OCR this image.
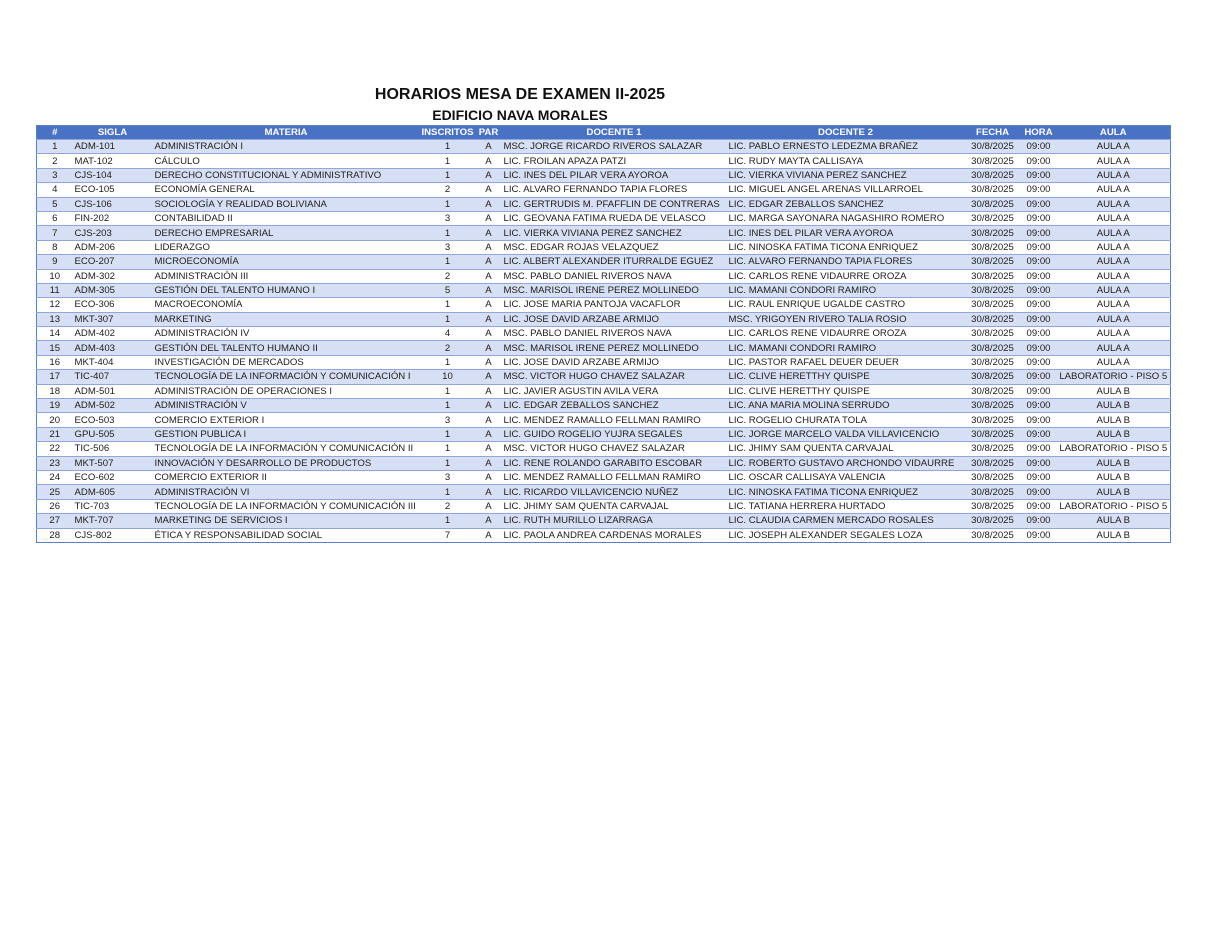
HORARIOS MESA DE EXAMEN II-2025
EDIFICIO NAVA MORALES
#	SIGLA	MATERIA	INSCRITOS	PAR	DOCENTE 1	DOCENTE 2	FECHA	HORA	AULA
1	ADM-101	ADMINISTRACIÓN I	1	A	MSC. JORGE RICARDO RIVEROS SALAZAR	LIC. PABLO ERNESTO LEDEZMA BRAÑEZ	30/8/2025	09:00	AULA A
2	MAT-102	CÁLCULO	1	A	LIC. FROILAN APAZA PATZI	LIC. RUDY MAYTA CALLISAYA	30/8/2025	09:00	AULA A
3	CJS-104	DERECHO CONSTITUCIONAL Y ADMINISTRATIVO	1	A	LIC. INES DEL PILAR VERA AYOROA	LIC. VIERKA VIVIANA PEREZ SANCHEZ	30/8/2025	09:00	AULA A
4	ECO-105	ECONOMÍA GENERAL	2	A	LIC. ALVARO FERNANDO TAPIA FLORES	LIC. MIGUEL ANGEL ARENAS VILLARROEL	30/8/2025	09:00	AULA A
5	CJS-106	SOCIOLOGÍA Y REALIDAD BOLIVIANA	1	A	LIC. GERTRUDIS M. PFAFFLIN DE CONTRERAS	LIC. EDGAR ZEBALLOS SANCHEZ	30/8/2025	09:00	AULA A
6	FIN-202	CONTABILIDAD II	3	A	LIC. GEOVANA FATIMA RUEDA DE VELASCO	LIC. MARGA SAYONARA NAGASHIRO ROMERO	30/8/2025	09:00	AULA A
7	CJS-203	DERECHO EMPRESARIAL	1	A	LIC. VIERKA VIVIANA PEREZ SANCHEZ	LIC. INES DEL PILAR VERA AYOROA	30/8/2025	09:00	AULA A
8	ADM-206	LIDERAZGO	3	A	MSC. EDGAR ROJAS VELAZQUEZ	LIC. NINOSKA FATIMA TICONA ENRIQUEZ	30/8/2025	09:00	AULA A
9	ECO-207	MICROECONOMÍA	1	A	LIC. ALBERT ALEXANDER ITURRALDE EGUEZ	LIC. ALVARO FERNANDO TAPIA FLORES	30/8/2025	09:00	AULA A
10	ADM-302	ADMINISTRACIÓN III	2	A	MSC. PABLO DANIEL RIVEROS NAVA	LIC. CARLOS RENE VIDAURRE OROZA	30/8/2025	09:00	AULA A
11	ADM-305	GESTIÓN DEL TALENTO HUMANO I	5	A	MSC. MARISOL IRENE PEREZ MOLLINEDO	LIC. MAMANI CONDORI RAMIRO	30/8/2025	09:00	AULA A
12	ECO-306	MACROECONOMÍA	1	A	LIC. JOSE MARIA PANTOJA VACAFLOR	LIC. RAUL ENRIQUE UGALDE CASTRO	30/8/2025	09:00	AULA A
13	MKT-307	MARKETING	1	A	LIC. JOSE DAVID ARZABE ARMIJO	MSC. YRIGOYEN RIVERO TALIA ROSIO	30/8/2025	09:00	AULA A
14	ADM-402	ADMINISTRACIÓN IV	4	A	MSC. PABLO DANIEL RIVEROS NAVA	LIC. CARLOS RENE VIDAURRE OROZA	30/8/2025	09:00	AULA A
15	ADM-403	GESTIÓN DEL TALENTO HUMANO II	2	A	MSC. MARISOL IRENE PEREZ MOLLINEDO	LIC. MAMANI CONDORI RAMIRO	30/8/2025	09:00	AULA A
16	MKT-404	INVESTIGACIÓN DE MERCADOS	1	A	LIC. JOSE DAVID ARZABE ARMIJO	LIC. PASTOR RAFAEL DEUER DEUER	30/8/2025	09:00	AULA A
17	TIC-407	TECNOLOGÍA DE LA INFORMACIÓN Y COMUNICACIÓN I	10	A	MSC. VICTOR HUGO CHAVEZ SALAZAR	LIC. CLIVE HERETTHY QUISPE	30/8/2025	09:00	LABORATORIO - PISO 5
18	ADM-501	ADMINISTRACIÓN DE OPERACIONES I	1	A	LIC. JAVIER AGUSTIN AVILA VERA	LIC. CLIVE HERETTHY QUISPE	30/8/2025	09:00	AULA B
19	ADM-502	ADMINISTRACIÓN V	1	A	LIC. EDGAR ZEBALLOS SANCHEZ	LIC. ANA MARIA MOLINA SERRUDO	30/8/2025	09:00	AULA B
20	ECO-503	COMERCIO EXTERIOR I	3	A	LIC. MENDEZ RAMALLO FELLMAN RAMIRO	LIC. ROGELIO CHURATA TOLA	30/8/2025	09:00	AULA B
21	GPU-505	GESTION PUBLICA I	1	A	LIC. GUIDO ROGELIO YUJRA SEGALES	LIC. JORGE MARCELO VALDA VILLAVICENCIO	30/8/2025	09:00	AULA B
22	TIC-506	TECNOLOGÍA DE LA INFORMACIÓN Y COMUNICACIÓN II	1	A	MSC. VICTOR HUGO CHAVEZ SALAZAR	LIC. JHIMY SAM QUENTA CARVAJAL	30/8/2025	09:00	LABORATORIO - PISO 5
23	MKT-507	INNOVACIÓN Y DESARROLLO DE PRODUCTOS	1	A	LIC. RENE ROLANDO GARABITO ESCOBAR	LIC. ROBERTO GUSTAVO ARCHONDO VIDAURRE	30/8/2025	09:00	AULA B
24	ECO-602	COMERCIO EXTERIOR II	3	A	LIC. MENDEZ RAMALLO FELLMAN RAMIRO	LIC. OSCAR CALLISAYA VALENCIA	30/8/2025	09:00	AULA B
25	ADM-605	ADMINISTRACIÓN VI	1	A	LIC. RICARDO VILLAVICENCIO NUÑEZ	LIC. NINOSKA FATIMA TICONA ENRIQUEZ	30/8/2025	09:00	AULA B
26	TIC-703	TECNOLOGÍA DE LA INFORMACIÓN Y COMUNICACIÓN III	2	A	LIC. JHIMY SAM QUENTA CARVAJAL	LIC. TATIANA HERRERA HURTADO	30/8/2025	09:00	LABORATORIO - PISO 5
27	MKT-707	MARKETING DE SERVICIOS I	1	A	LIC. RUTH MURILLO LIZARRAGA	LIC. CLAUDIA CARMEN MERCADO ROSALES	30/8/2025	09:00	AULA B
28	CJS-802	ÉTICA Y RESPONSABILIDAD SOCIAL	7	A	LIC. PAOLA ANDREA CARDENAS MORALES	LIC. JOSEPH ALEXANDER SEGALES LOZA	30/8/2025	09:00	AULA B
